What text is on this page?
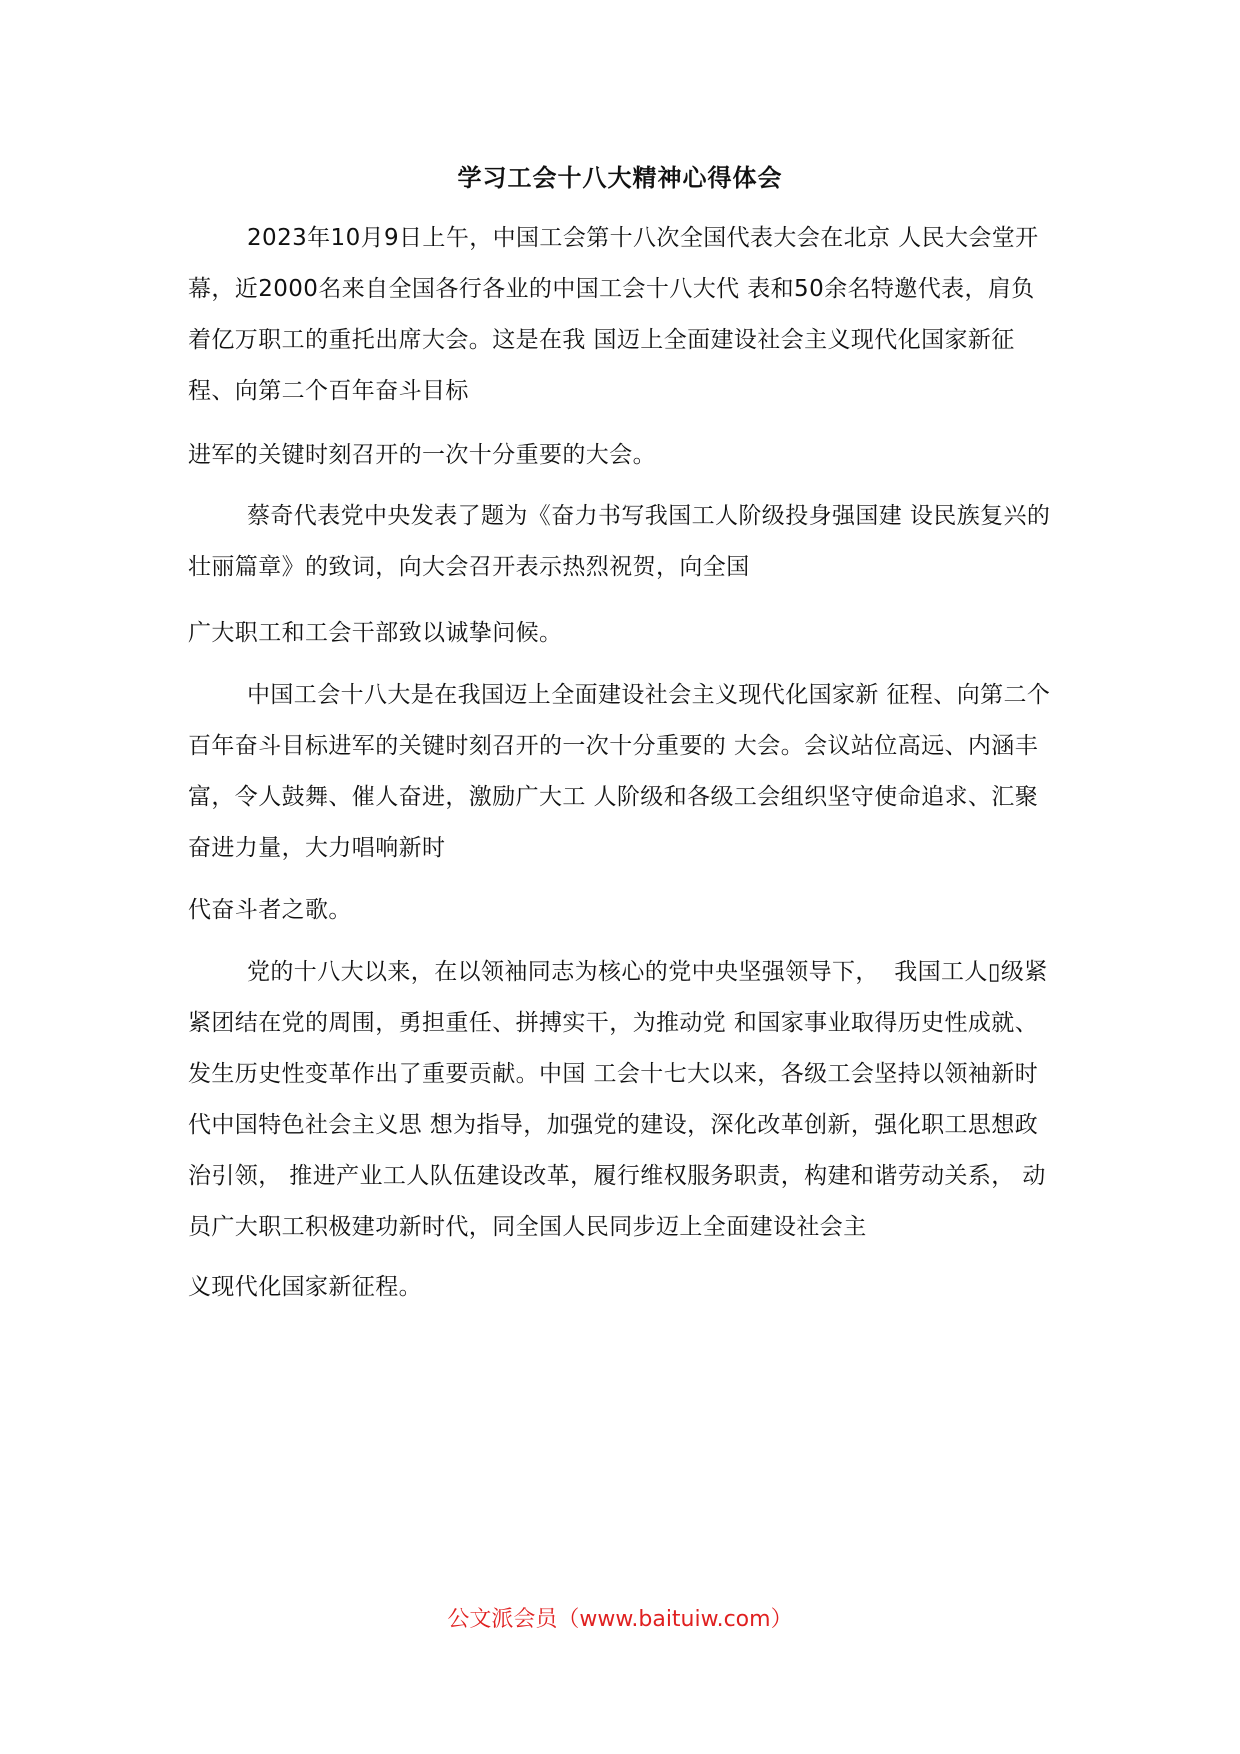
学习工会十八大精神心得体会

2023年10月9日上午，中国工会第十八次全国代表大会在北京 人民大会堂开幕，近2000名来自全国各行各业的中国工会十八大代 表和50余名特邀代表，肩负着亿万职工的重托出席大会。这是在我 国迈上全面建设社会主义现代化国家新征程、向第二个百年奋斗目标

进军的关键时刻召开的一次十分重要的大会。

蔡奇代表党中央发表了题为《奋力书写我国工人阶级投身强国建 设民族复兴的壮丽篇章》的致词，向大会召开表示热烈祝贺，向全国

广大职工和工会干部致以诚挚问候。

中国工会十八大是在我国迈上全面建设社会主义现代化国家新 征程、向第二个百年奋斗目标进军的关键时刻召开的一次十分重要的 大会。会议站位高远、内涵丰富，令人鼓舞、催人奋进，激励广大工 人阶级和各级工会组织坚守使命追求、汇聚奋进力量，大力唱响新时

代奋斗者之歌。

党的十八大以来，在以领袖同志为核心的党中央坚强领导下，  我国工人▯级紧紧团结在党的周围，勇担重任、拼搏实干，为推动党 和国家事业取得历史性成就、发生历史性变革作出了重要贡献。中国 工会十七大以来，各级工会坚持以领袖新时代中国特色社会主义思 想为指导，加强党的建设，深化改革创新，强化职工思想政治引领， 推进产业工人队伍建设改革，履行维权服务职责，构建和谐劳动关系， 动员广大职工积极建功新时代，同全国人民同步迈上全面建设社会主

义现代化国家新征程。

公文派会员（www.baituiw.com）
